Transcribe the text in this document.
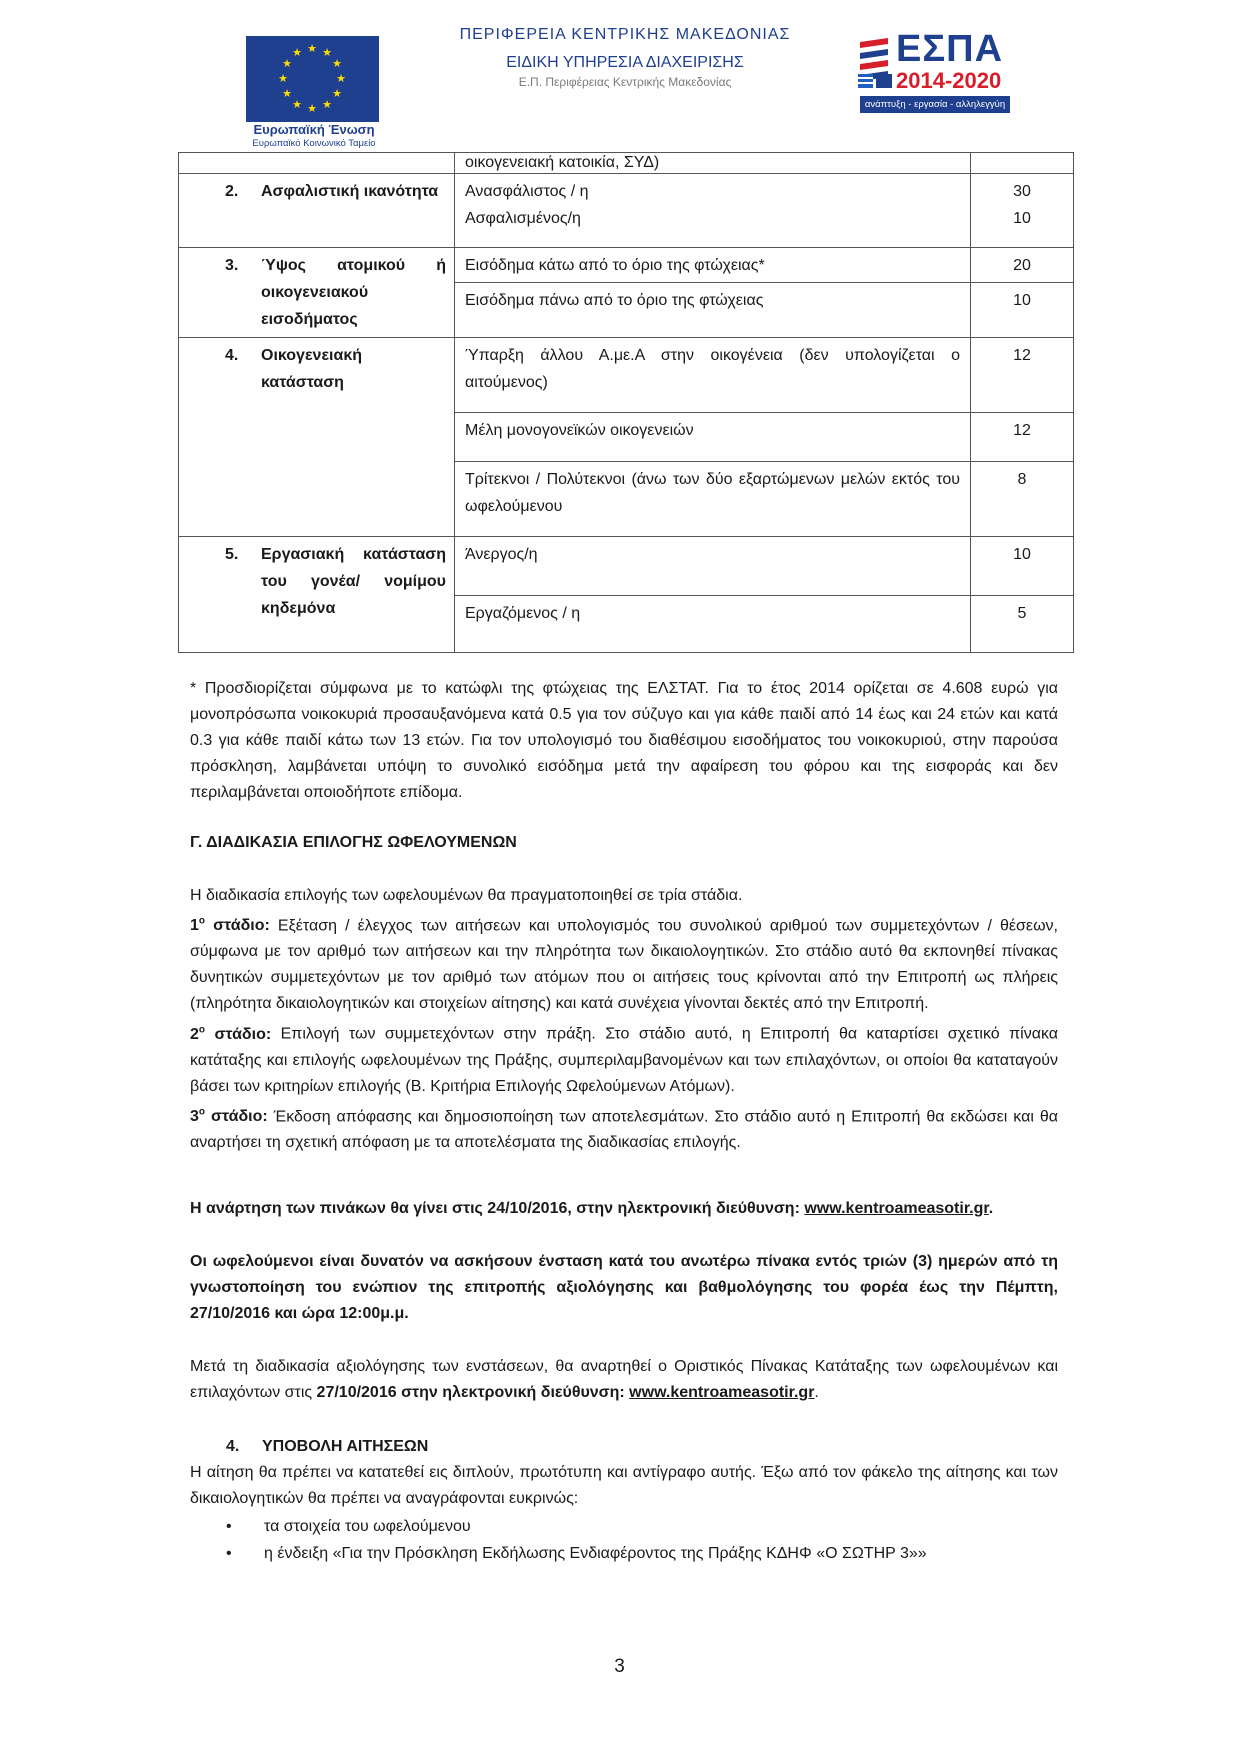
★ ★
★
★
★
★
★
★
★
★
★
★
Ευρωπαϊκή Ένωση
Ευρωπαϊκό Κοινωνικό Ταμείο
ΠΕΡΙΦΕΡΕΙΑ ΚΕΝΤΡΙΚΗΣ ΜΑΚΕΔΟΝΙΑΣ
ΕΙΔΙΚΗ ΥΠΗΡΕΣΙΑ ΔΙΑΧΕΙΡΙΣΗΣ
Ε.Π. Περιφέρειας Κεντρικής Μακεδονίας
ΕΣΠΑ
2014-2020
ανάπτυξη - εργασία - αλληλεγγύη
	οικογενειακή κατοικία, ΣΥΔ)	

2. Ασφαλιστική ικανότητα	Ανασφάλιστος / η	30
	Ασφαλισμένος/η	10

3. Ύψος ατομικού ή οικογενειακού εισοδήματος	Εισόδημα κάτω από το όριο της φτώχειας*	20
	Εισόδημα πάνω από το όριο της φτώχειας	10

4. Οικογενειακή κατάσταση	Ύπαρξη άλλου Α.με.Α στην οικογένεια (δεν υπολογίζεται ο αιτούμενος)	12
	Μέλη μονογονεϊκών οικογενειών	12
	Τρίτεκνοι / Πολύτεκνοι (άνω των δύο εξαρτώμενων μελών εκτός του ωφελούμενου	8

5. Εργασιακή κατάσταση του γονέα/ νομίμου κηδεμόνα	Άνεργος/η	10
	Εργαζόμενος / η	5
* Προσδιορίζεται σύμφωνα με το κατώφλι της φτώχειας της ΕΛΣΤΑΤ. Για το έτος 2014 ορίζεται σε 4.608 ευρώ για μονοπρόσωπα νοικοκυριά προσαυξανόμενα κατά 0.5 για τον σύζυγο και για κάθε παιδί από 14 έως και 24 ετών και κατά 0.3 για κάθε παιδί κάτω των 13 ετών. Για τον υπολογισμό του διαθέσιμου εισοδήματος του νοικοκυριού, στην παρούσα πρόσκληση, λαμβάνεται υπόψη το συνολικό εισόδημα μετά την αφαίρεση του φόρου και της εισφοράς και δεν περιλαμβάνεται οποιοδήποτε επίδομα.
Γ. ΔΙΑΔΙΚΑΣΙΑ ΕΠΙΛΟΓΗΣ ΩΦΕΛΟΥΜΕΝΩΝ
Η διαδικασία επιλογής των ωφελουμένων θα πραγματοποιηθεί σε τρία στάδια.
$1^o$ στάδιο: Εξέταση / έλεγχος των αιτήσεων και υπολογισμός του συνολικού αριθμού των συμμετεχόντων / θέσεων, σύμφωνα με τον αριθμό των αιτήσεων και την πληρότητα των δικαιολογητικών. Στο στάδιο αυτό θα εκπονηθεί πίνακας δυνητικών συμμετεχόντων με τον αριθμό των ατόμων που οι αιτήσεις τους κρίνονται από την Επιτροπή ως πλήρεις (πληρότητα δικαιολογητικών και στοιχείων αίτησης) και κατά συνέχεια γίνονται δεκτές από την Επιτροπή.
$2^o$ στάδιο: Επιλογή των συμμετεχόντων στην πράξη. Στο στάδιο αυτό, η Επιτροπή θα καταρτίσει σχετικό πίνακα κατάταξης και επιλογής ωφελουμένων της Πράξης, συμπεριλαμβανομένων και των επιλαχόντων, οι οποίοι θα καταταγούν βάσει των κριτηρίων επιλογής (Β. Κριτήρια Επιλογής Ωφελούμενων Ατόμων).
$3^o$ στάδιο: Έκδοση απόφασης και δημοσιοποίηση των αποτελεσμάτων. Στο στάδιο αυτό η Επιτροπή θα εκδώσει και θα αναρτήσει τη σχετική απόφαση με τα αποτελέσματα της διαδικασίας επιλογής.
Η ανάρτηση των πινάκων θα γίνει στις 24/10/2016, στην ηλεκτρονική διεύθυνση: www.kentroameasotir.gr.
Οι ωφελούμενοι είναι δυνατόν να ασκήσουν ένσταση κατά του ανωτέρω πίνακα εντός τριών (3) ημερών από τη γνωστοποίηση του ενώπιον της επιτροπής αξιολόγησης και βαθμολόγησης του φορέα έως την Πέμπτη, 27/10/2016 και ώρα 12:00μ.μ.
Μετά τη διαδικασία αξιολόγησης των ενστάσεων, θα αναρτηθεί ο Οριστικός Πίνακας Κατάταξης των ωφελουμένων και επιλαχόντων στις 27/10/2016 στην ηλεκτρονική διεύθυνση: www.kentroameasotir.gr.
4. ΥΠΟΒΟΛΗ ΑΙΤΗΣΕΩΝ
Η αίτηση θα πρέπει να κατατεθεί εις διπλούν, πρωτότυπη και αντίγραφο αυτής. Έξω από τον φάκελο της αίτησης και των δικαιολογητικών θα πρέπει να αναγράφονται ευκρινώς:
• τα στοιχεία του ωφελούμενου
• η ένδειξη «Για την Πρόσκληση Εκδήλωσης Ενδιαφέροντος της Πράξης ΚΔΗΦ «Ο ΣΩΤΗΡ 3»»
3
